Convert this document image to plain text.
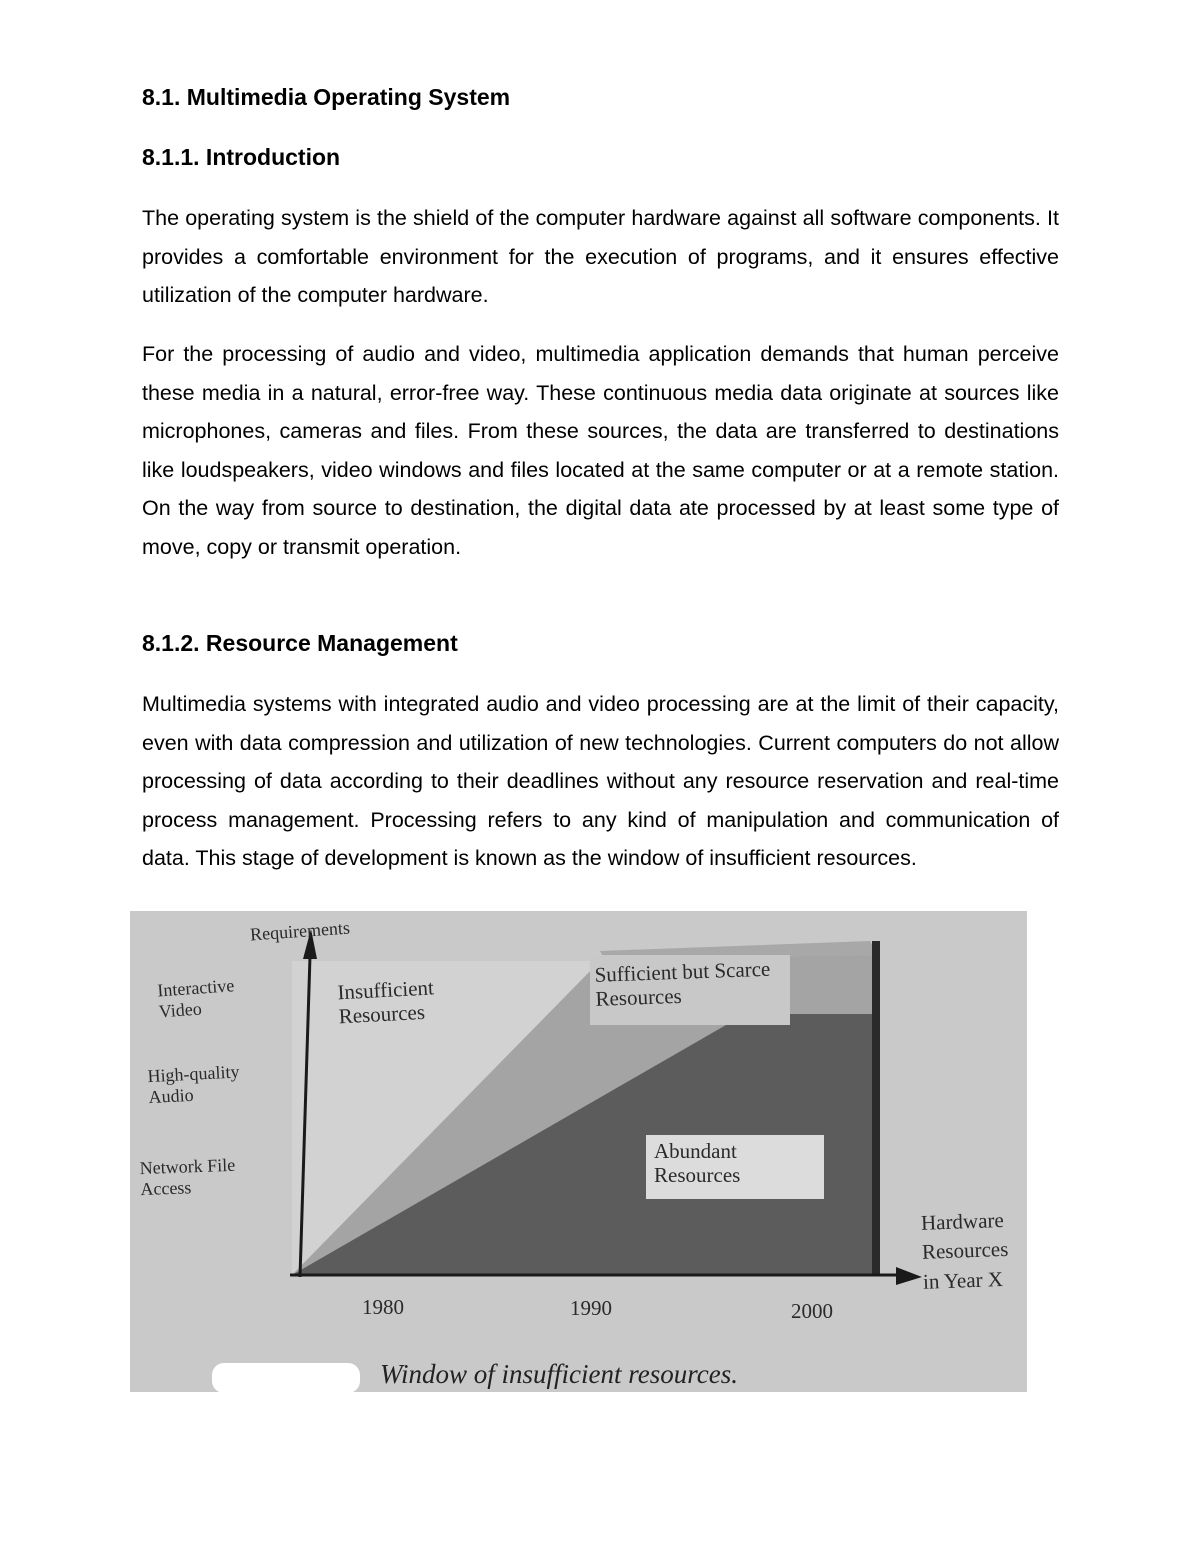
8.1. Multimedia Operating System
8.1.1. Introduction

The operating system is the shield of the computer hardware against all software components. It provides a comfortable environment for the execution of programs, and it ensures effective utilization of the computer hardware.

For the processing of audio and video, multimedia application demands that human perceive these media in a natural, error-free way. These continuous media data originate at sources like microphones, cameras and files. From these sources, the data are transferred to destinations like loudspeakers, video windows and files located at the same computer or at a remote station. On the way from source to destination, the digital data ate processed by at least some type of move, copy or transmit operation.

8.1.2. Resource Management

Multimedia systems with integrated audio and video processing are at the limit of their capacity, even with data compression and utilization of new technologies. Current computers do not allow processing of data according to their deadlines without any resource reservation and real-time process management. Processing refers to any kind of manipulation and communication of data. This stage of development is known as the window of insufficient resources.

Requirements
Interactive Video
High-quality Audio
Network File Access
Insufficient Resources
Sufficient but Scarce Resources
Abundant Resources
1980	1990	2000
Hardware Resources in Year X
Window of insufficient resources.
